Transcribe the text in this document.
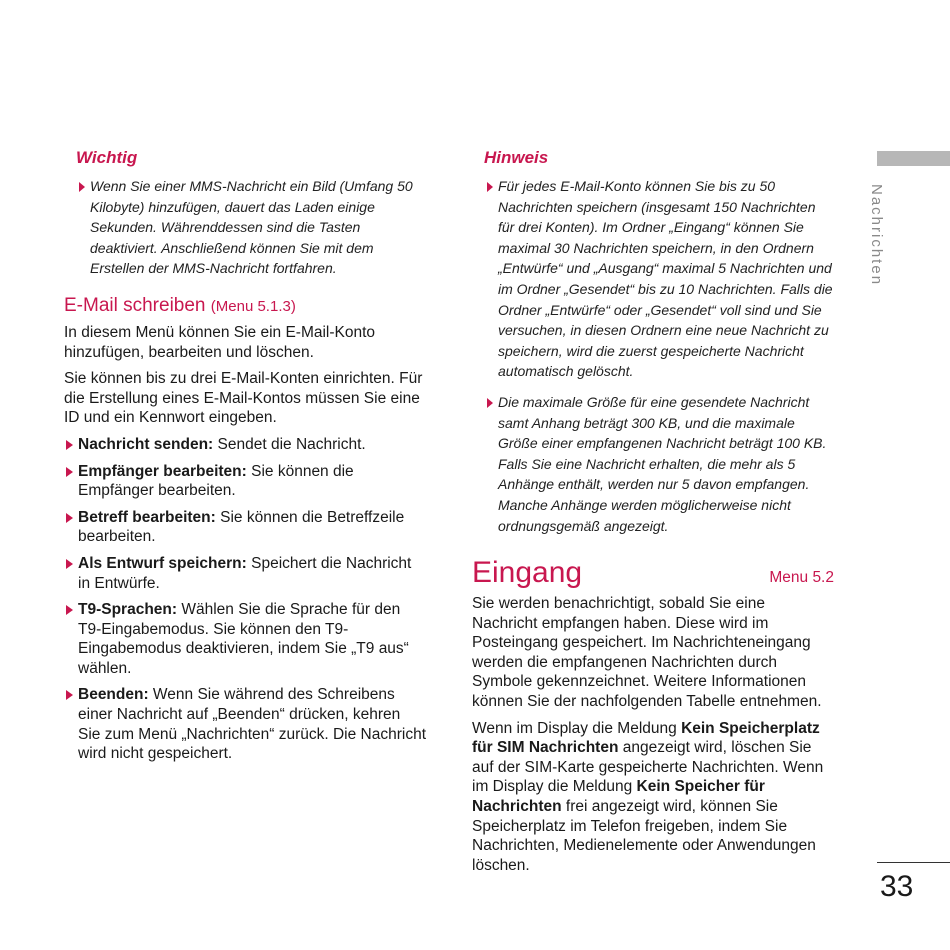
Wichtig
Wenn Sie einer MMS-Nachricht ein Bild (Umfang 50 Kilobyte) hinzufügen, dauert das Laden einige Sekunden. Währenddessen sind die Tasten deaktiviert. Anschließend können Sie mit dem Erstellen der MMS-Nachricht fortfahren.
E-Mail schreiben (Menu 5.1.3)

In diesem Menü können Sie ein E-Mail-Konto hinzufügen, bearbeiten und löschen.

Sie können bis zu drei E-Mail-Konten einrichten. Für die Erstellung eines E-Mail-Kontos müssen Sie eine ID und ein Kennwort eingeben.

Nachricht senden: Sendet die Nachricht.
Empfänger bearbeiten: Sie können die Empfänger bearbeiten.
Betreff bearbeiten: Sie können die Betreffzeile bearbeiten.
Als Entwurf speichern: Speichert die Nachricht in Entwürfe.
T9-Sprachen: Wählen Sie die Sprache für den T9-Eingabemodus. Sie können den T9-Eingabemodus deaktivieren, indem Sie „T9 aus“ wählen.
Beenden: Wenn Sie während des Schreibens einer Nachricht auf „Beenden“ drücken, kehren Sie zum Menü „Nachrichten“ zurück. Die Nachricht wird nicht gespeichert.
Hinweis
Für jedes E-Mail-Konto können Sie bis zu 50 Nachrichten speichern (insgesamt 150 Nachrichten für drei Konten). Im Ordner „Eingang“ können Sie maximal 30 Nachrichten speichern, in den Ordnern „Entwürfe“ und „Ausgang“ maximal 5 Nachrichten und im Ordner „Gesendet“ bis zu 10 Nachrichten. Falls die Ordner „Entwürfe“ oder „Gesendet“ voll sind und Sie versuchen, in diesen Ordnern eine neue Nachricht zu speichern, wird die zuerst gespeicherte Nachricht automatisch gelöscht.
Die maximale Größe für eine gesendete Nachricht samt Anhang beträgt 300 KB, und die maximale Größe einer empfangenen Nachricht beträgt 100 KB. Falls Sie eine Nachricht erhalten, die mehr als 5 Anhänge enthält, werden nur 5 davon empfangen. Manche Anhänge werden möglicherweise nicht ordnungsgemäß angezeigt.
Eingang	Menu 5.2

Sie werden benachrichtigt, sobald Sie eine Nachricht empfangen haben. Diese wird im Posteingang gespeichert. Im Nachrichteneingang werden die empfangenen Nachrichten durch Symbole gekennzeichnet. Weitere Informationen können Sie der nachfolgenden Tabelle entnehmen.

Wenn im Display die Meldung Kein Speicherplatz für SIM Nachrichten angezeigt wird, löschen Sie auf der SIM-Karte gespeicherte Nachrichten. Wenn im Display die Meldung Kein Speicher für Nachrichten frei angezeigt wird, können Sie Speicherplatz im Telefon freigeben, indem Sie Nachrichten, Medienelemente oder Anwendungen löschen.

Nachrichten
33
